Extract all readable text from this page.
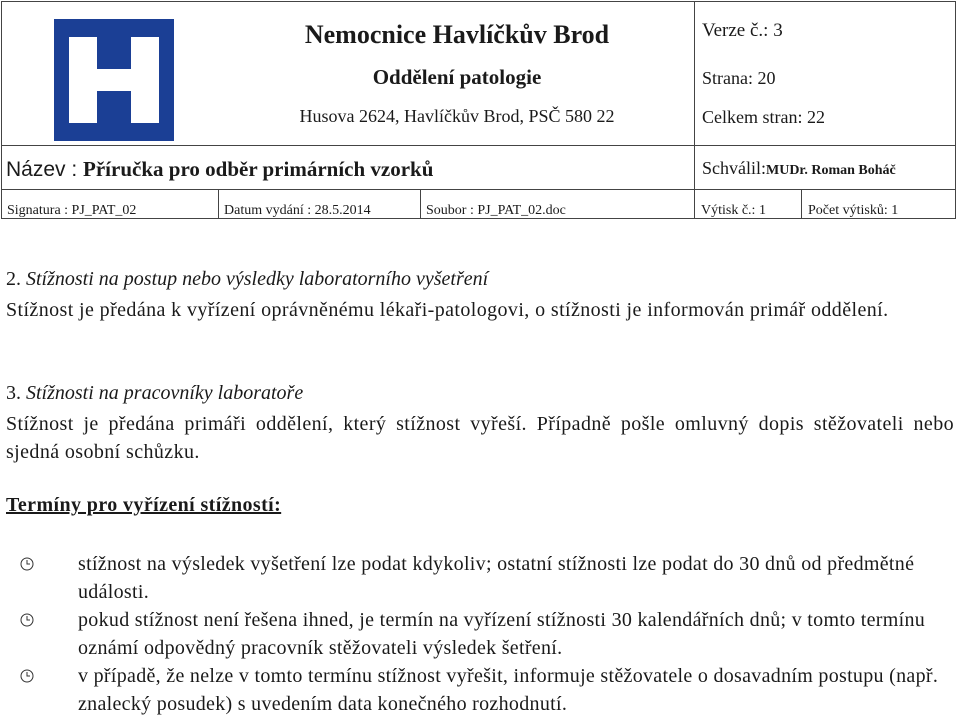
Nemocnice Havlíčkův Brod
Oddělení patologie
Husova 2624, Havlíčkův Brod, PSČ 580 22
Verze č.: 3
Strana: 20
Celkem stran: 22
Název : Příručka pro odběr primárních vzorků	Schválil:MUDr. Roman Boháč
Signatura : PJ_PAT_02	Datum vydání : 28.5.2014	Soubor : PJ_PAT_02.doc	Výtisk č.: 1	Počet výtisků: 1
2. Stížnosti na postup nebo výsledky laboratorního vyšetření
Stížnost je předána k vyřízení oprávněnému lékaři-patologovi, o stížnosti je informován primář oddělení.
3. Stížnosti na pracovníky laboratoře
Stížnost je předána primáři oddělení, který stížnost vyřeší. Případně pošle omluvný dopis stěžovateli nebo sjedná osobní schůzku.
Termíny pro vyřízení stížností:
stížnost na výsledek vyšetření lze podat kdykoliv; ostatní stížnosti lze podat do 30 dnů od předmětné události.
pokud stížnost není řešena ihned, je termín na vyřízení stížnosti 30 kalendářních dnů; v tomto termínu oznámí odpovědný pracovník stěžovateli výsledek šetření.
v případě, že nelze v tomto termínu stížnost vyřešit, informuje stěžovatele o dosavadním postupu (např. znalecký posudek) s uvedením data konečného rozhodnutí.
